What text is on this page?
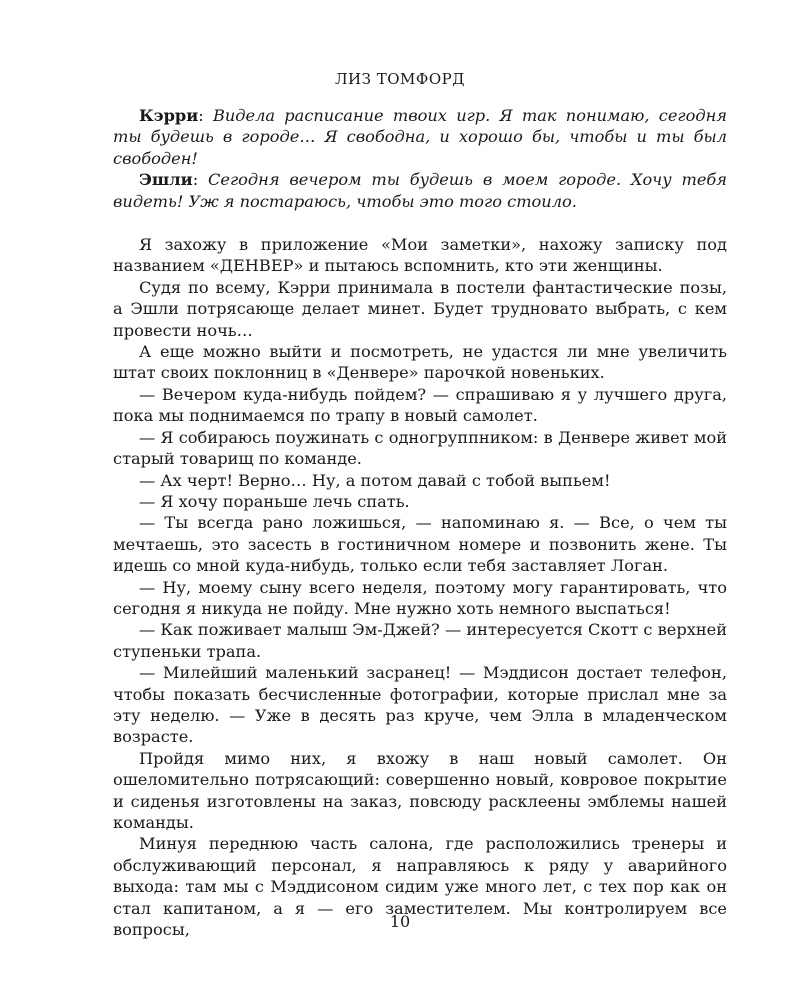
ЛИЗ ТОМФОРД

Кэрри: Видела расписание твоих игр. Я так понимаю, сегодня ты будешь в городе… Я свободна, и хорошо бы, чтобы и ты был свободен!

Эшли: Сегодня вечером ты будешь в моем городе. Хочу тебя видеть! Уж я постараюсь, чтобы это того стоило.

Я захожу в приложение «Мои заметки», нахожу записку под названием «ДЕНВЕР» и пытаюсь вспомнить, кто эти женщины.

Судя по всему, Кэрри принимала в постели фантастические позы, а Эшли потрясающе делает минет. Будет трудновато выбрать, с кем провести ночь…

А еще можно выйти и посмотреть, не удастся ли мне увеличить штат своих поклонниц в «Денвере» парочкой новеньких.

— Вечером куда-нибудь пойдем? — спрашиваю я у лучшего друга, пока мы поднимаемся по трапу в новый самолет.

— Я собираюсь поужинать с одногруппником: в Денвере живет мой старый товарищ по команде.

— Ах черт! Верно… Ну, а потом давай с тобой выпьем!

— Я хочу пораньше лечь спать.

— Ты всегда рано ложишься, — напоминаю я. — Все, о чем ты мечтаешь, это засесть в гостиничном номере и позвонить жене. Ты идешь со мной куда-нибудь, только если тебя заставляет Логан.

— Ну, моему сыну всего неделя, поэтому могу гарантировать, что сегодня я никуда не пойду. Мне нужно хоть немного выспаться!

— Как поживает малыш Эм-Джей? — интересуется Скотт с верхней ступеньки трапа.

— Милейший маленький засранец! — Мэддисон достает телефон, чтобы показать бесчисленные фотографии, которые прислал мне за эту неделю. — Уже в десять раз круче, чем Элла в младенческом возрасте.

Пройдя мимо них, я вхожу в наш новый самолет. Он ошеломительно потрясающий: совершенно новый, ковровое покрытие и сиденья изготовлены на заказ, повсюду расклеены эмблемы нашей команды.

Минуя переднюю часть салона, где расположились тренеры и обслуживающий персонал, я направляюсь к ряду у аварийного выхода: там мы с Мэддисоном сидим уже много лет, с тех пор как он стал капитаном, а я — его заместителем. Мы контролируем все вопросы,	10
